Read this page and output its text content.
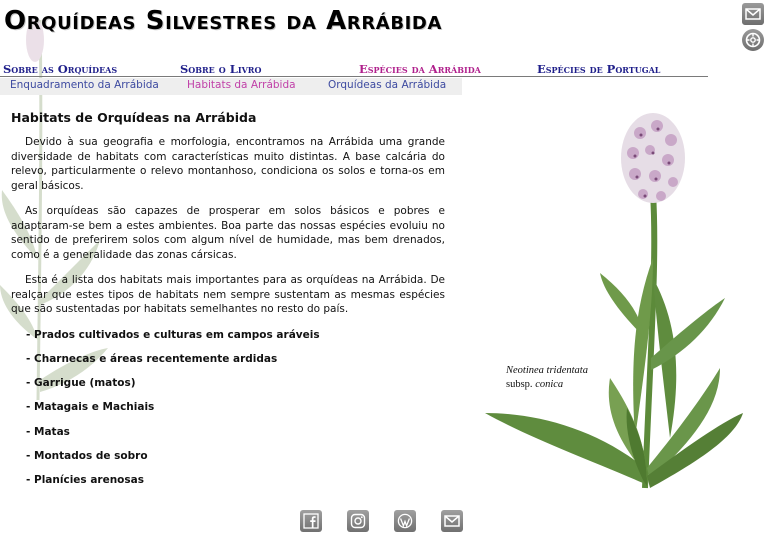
Orquídeas Silvestres da Arrábida
Sobre as Orquídeas	Sobre o Livro	Espécies da Arrábida	Espécies de Portugal
Enquadramento da Arrábida	Habitats da Arrábida	Orquídeas da Arrábida
Habitats de Orquídeas na Arrábida

Devido à sua geografia e morfologia, encontramos na Arrábida uma grande diversidade de habitats com características muito distintas. A base calcária do relevo, particularmente o relevo montanhoso, condiciona os solos e torna-os em geral básicos.

As orquídeas são capazes de prosperar em solos básicos e pobres e adaptaram-se bem a estes ambientes. Boa parte das nossas espécies evoluiu no sentido de preferirem solos com algum nível de humidade, mas bem drenados, como é a generalidade das zonas cársicas.

Esta é a lista dos habitats mais importantes para as orquídeas na Arrábida. De realçar que estes tipos de habitats nem sempre sustentam as mesmas espécies que são sustentadas por habitats semelhantes no resto do país.

- Prados cultivados e culturas em campos aráveis
- Charnecas e áreas recentemente ardidas
- Garrigue (matos)
- Matagais e Machiais
- Matas
- Montados de sobro
- Planícies arenosas
Neotinea tridentata
subsp. conica
